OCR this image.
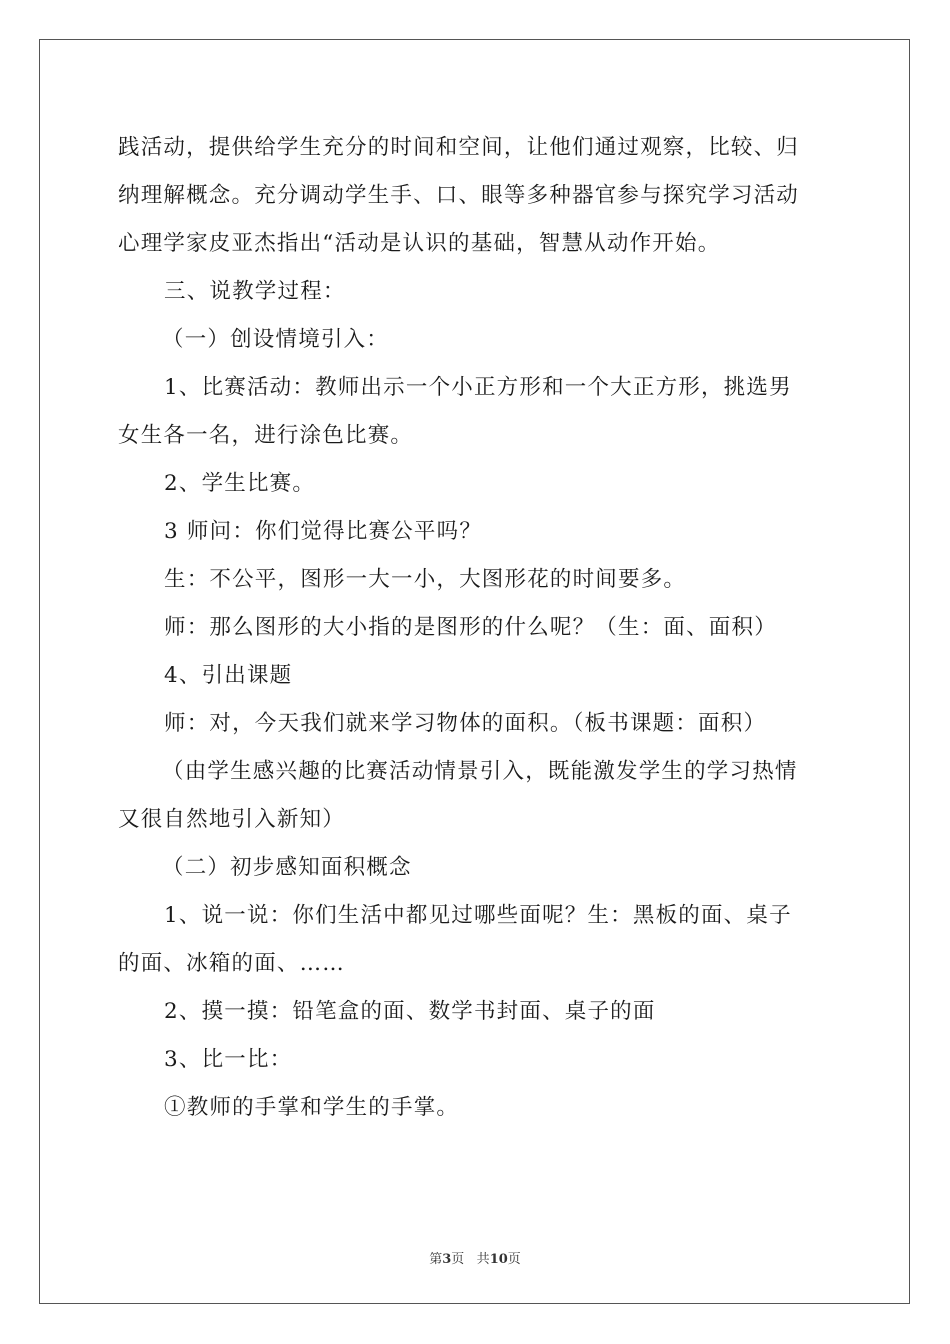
践活动，提供给学生充分的时间和空间，让他们通过观察，比较、归
纳理解概念。充分调动学生手、口、眼等多种器官参与探究学习活动
心理学家皮亚杰指出“活动是认识的基础，智慧从动作开始。
三、说教学过程：
（一）创设情境引入：
1、比赛活动：教师出示一个小正方形和一个大正方形，挑选男
女生各一名，进行涂色比赛。
2、学生比赛。
3 师问：你们觉得比赛公平吗？
生：不公平，图形一大一小，大图形花的时间要多。
师：那么图形的大小指的是图形的什么呢？（生：面、面积）
4、引出课题
师：对，今天我们就来学习物体的面积。（板书课题：面积）
（由学生感兴趣的比赛活动情景引入，既能激发学生的学习热情
又很自然地引入新知）
（二）初步感知面积概念
1、说一说：你们生活中都见过哪些面呢？生：黑板的面、桌子
的面、冰箱的面、……
2、摸一摸：铅笔盒的面、数学书封面、桌子的面
3、比一比：
①教师的手掌和学生的手掌。
第3页 共10页
